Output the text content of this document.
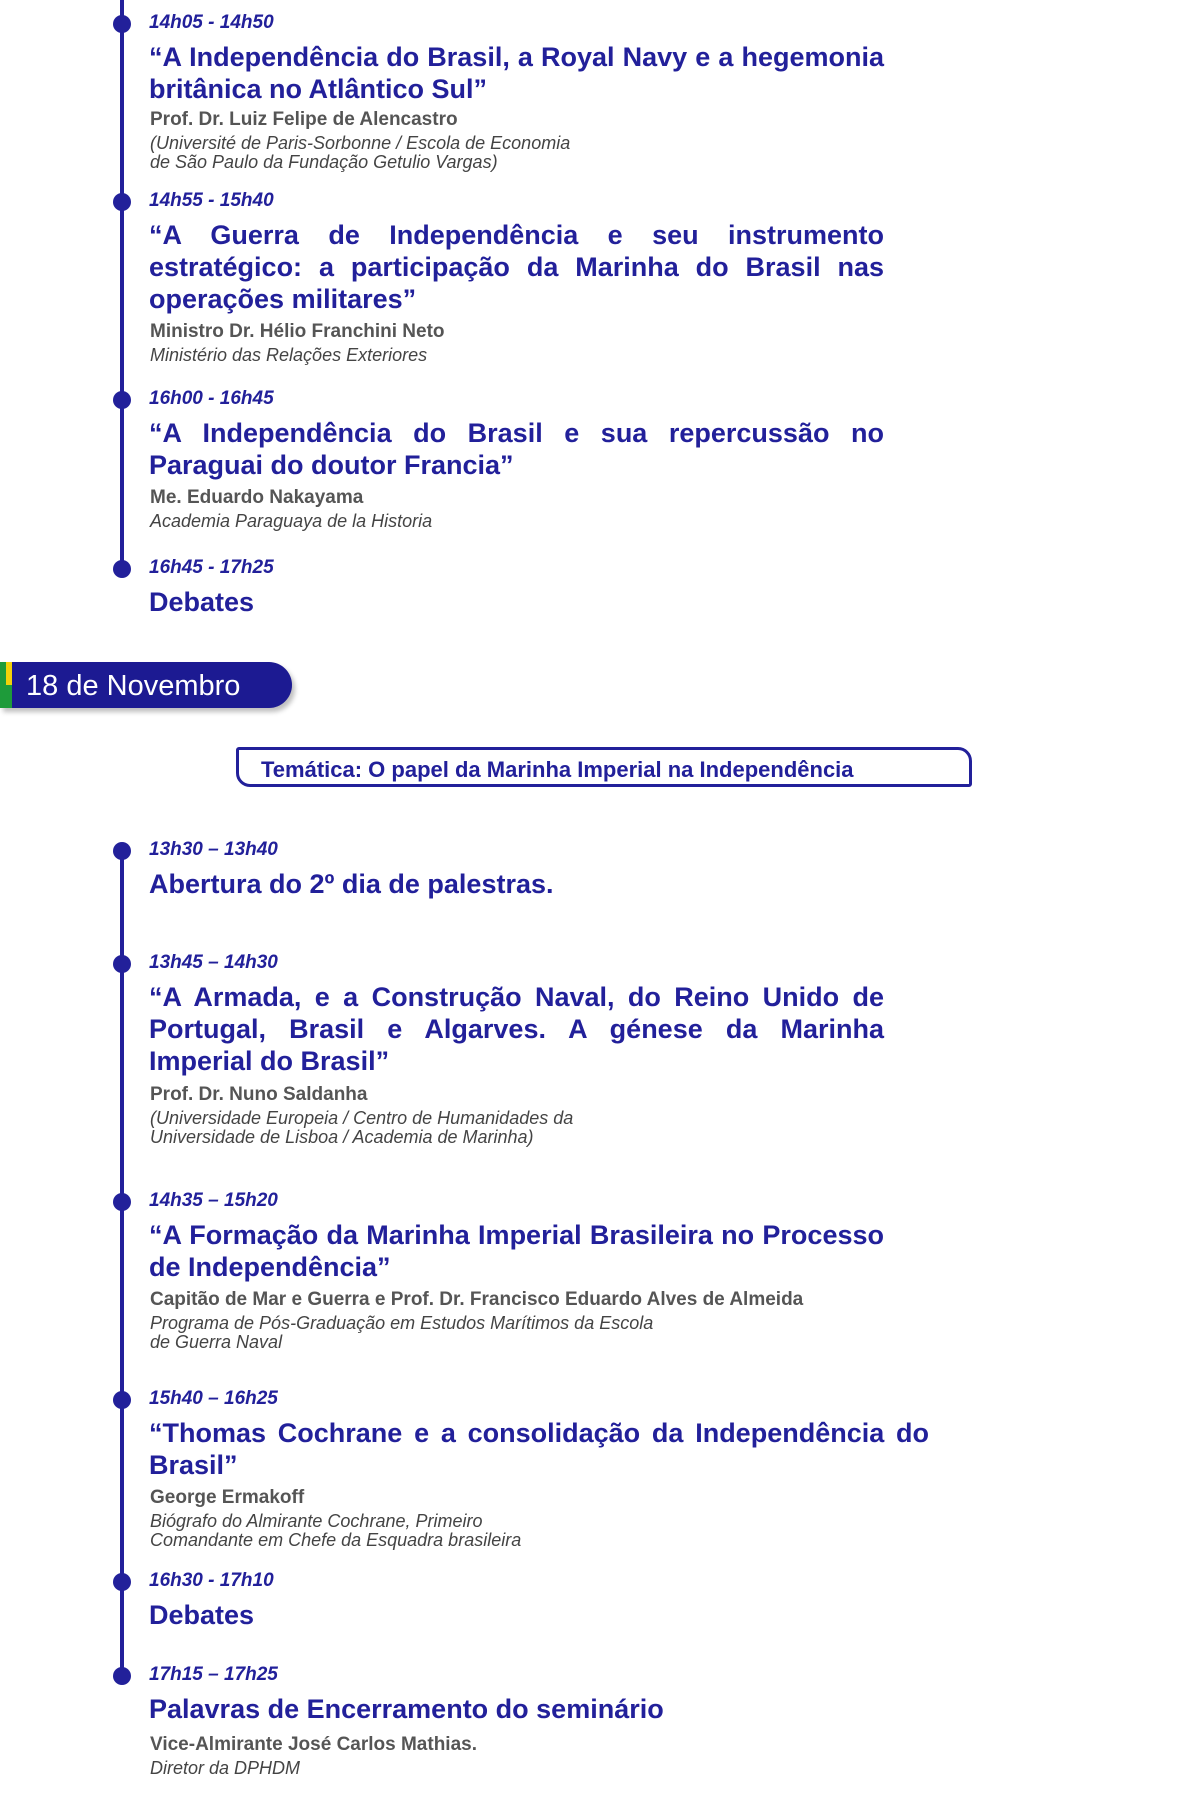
14h05 - 14h50

“A Independência do Brasil, a Royal Navy e a hegemonia britânica no Atlântico Sul”

Prof. Dr. Luiz Felipe de Alencastro
(Université de Paris-Sorbonne / Escola de Economia
de São Paulo da Fundação Getulio Vargas)
14h55 - 15h40

“A Guerra de Independência e seu instrumento estratégico: a participação da Marinha do Brasil nas operações militares”

Ministro Dr. Hélio Franchini Neto
Ministério das Relações Exteriores
16h00 - 16h45

“A Independência do Brasil e sua repercussão no Paraguai do doutor Francia”

Me. Eduardo Nakayama
Academia Paraguaya de la Historia
16h45 - 17h25

Debates

18 de Novembro
Temática: O papel da Marinha Imperial na Independência
13h30 – 13h40

Abertura do 2º dia de palestras.

13h45 – 14h30

“A Armada, e a Construção Naval, do Reino Unido de Portugal, Brasil e Algarves. A génese da Marinha Imperial do Brasil”

Prof. Dr. Nuno Saldanha
(Universidade Europeia / Centro de Humanidades da
Universidade de Lisboa / Academia de Marinha)
14h35 – 15h20

“A Formação da Marinha Imperial Brasileira no Processo de Independência”

Capitão de Mar e Guerra e Prof. Dr. Francisco Eduardo Alves de Almeida
Programa de Pós-Graduação em Estudos Marítimos da Escola
de Guerra Naval
15h40 – 16h25

“Thomas Cochrane e a consolidação da Independência do Brasil”

George Ermakoff
Biógrafo do Almirante Cochrane, Primeiro
Comandante em Chefe da Esquadra brasileira
16h30 - 17h10

Debates

17h15 – 17h25

Palavras de Encerramento do seminário

Vice-Almirante José Carlos Mathias.
Diretor da DPHDM
